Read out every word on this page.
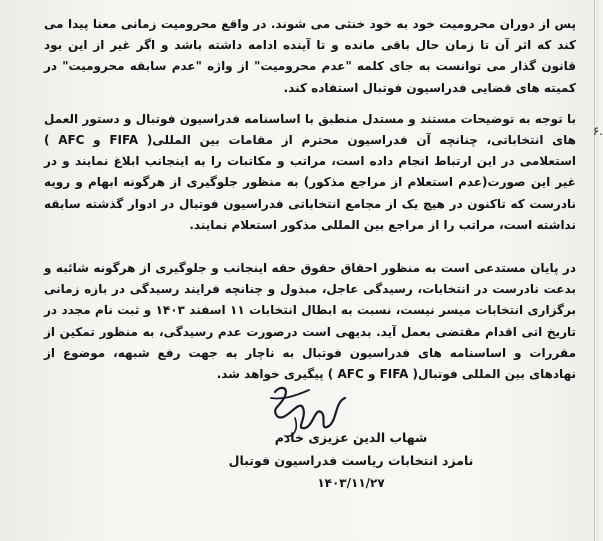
پس از دوران محرومیت خود به خود خنثی می شوند. در واقع محرومیت زمانی معنا پیدا می کند که اثر آن تا زمان حال باقی مانده و تا آینده ادامه داشته باشد و اگر غیر از این بود قانون گذار می توانست به جای کلمه "عدم محرومیت" از واژه "عدم سابقه محرومیت" در کمیته های قضایی فدراسیون فوتبال استفاده کند.

با توجه به توضیحات مستند و مستدل منطبق با اساسنامه فدراسیون فوتبال و دستور العمل های انتخاباتی، چنانچه آن فدراسیون محترم از مقامات بین المللی( FIFA و AFC ) استعلامی در این ارتباط انجام داده است، مراتب و مکاتبات را به اینجانب ابلاغ نمایند و در غیر این صورت(عدم استعلام از مراجع مذکور) به منظور جلوگیری از هرگونه ابهام و رویه نادرست که تاکنون در هیچ یک از مجامع انتخاباتی فدراسیون فوتبال در ادوار گذشته سابقه نداشته است، مراتب را از مراجع بین المللی مذکور استعلام نمایند.

در پایان مستدعی است به منظور احقاق حقوق حقه اینجانب و جلوگیری از هرگونه شائبه و بدعت نادرست در انتخابات، رسیدگی عاجل، مبذول و چنانچه فرایند رسیدگی در بازه زمانی برگزاری انتخابات میسر نیست، نسبت به ابطال انتخابات ۱۱ اسفند ۱۴۰۳ و ثبت نام مجدد در تاریخ اتی اقدام مقتضی بعمل آید. بدیهی است درصورت عدم رسیدگی، به منظور تمکین از مقررات و اساسنامه های فدراسیون فوتبال به ناچار به جهت رفع شبهه، موضوع از نهادهای بین المللی فوتبال( FIFA و AFC ) پیگیری خواهد شد.

۶.
شهاب الدین عزیزی خادم
نامزد انتخابات ریاست فدراسیون فوتبال
۱۴۰۳/۱۱/۲۷
